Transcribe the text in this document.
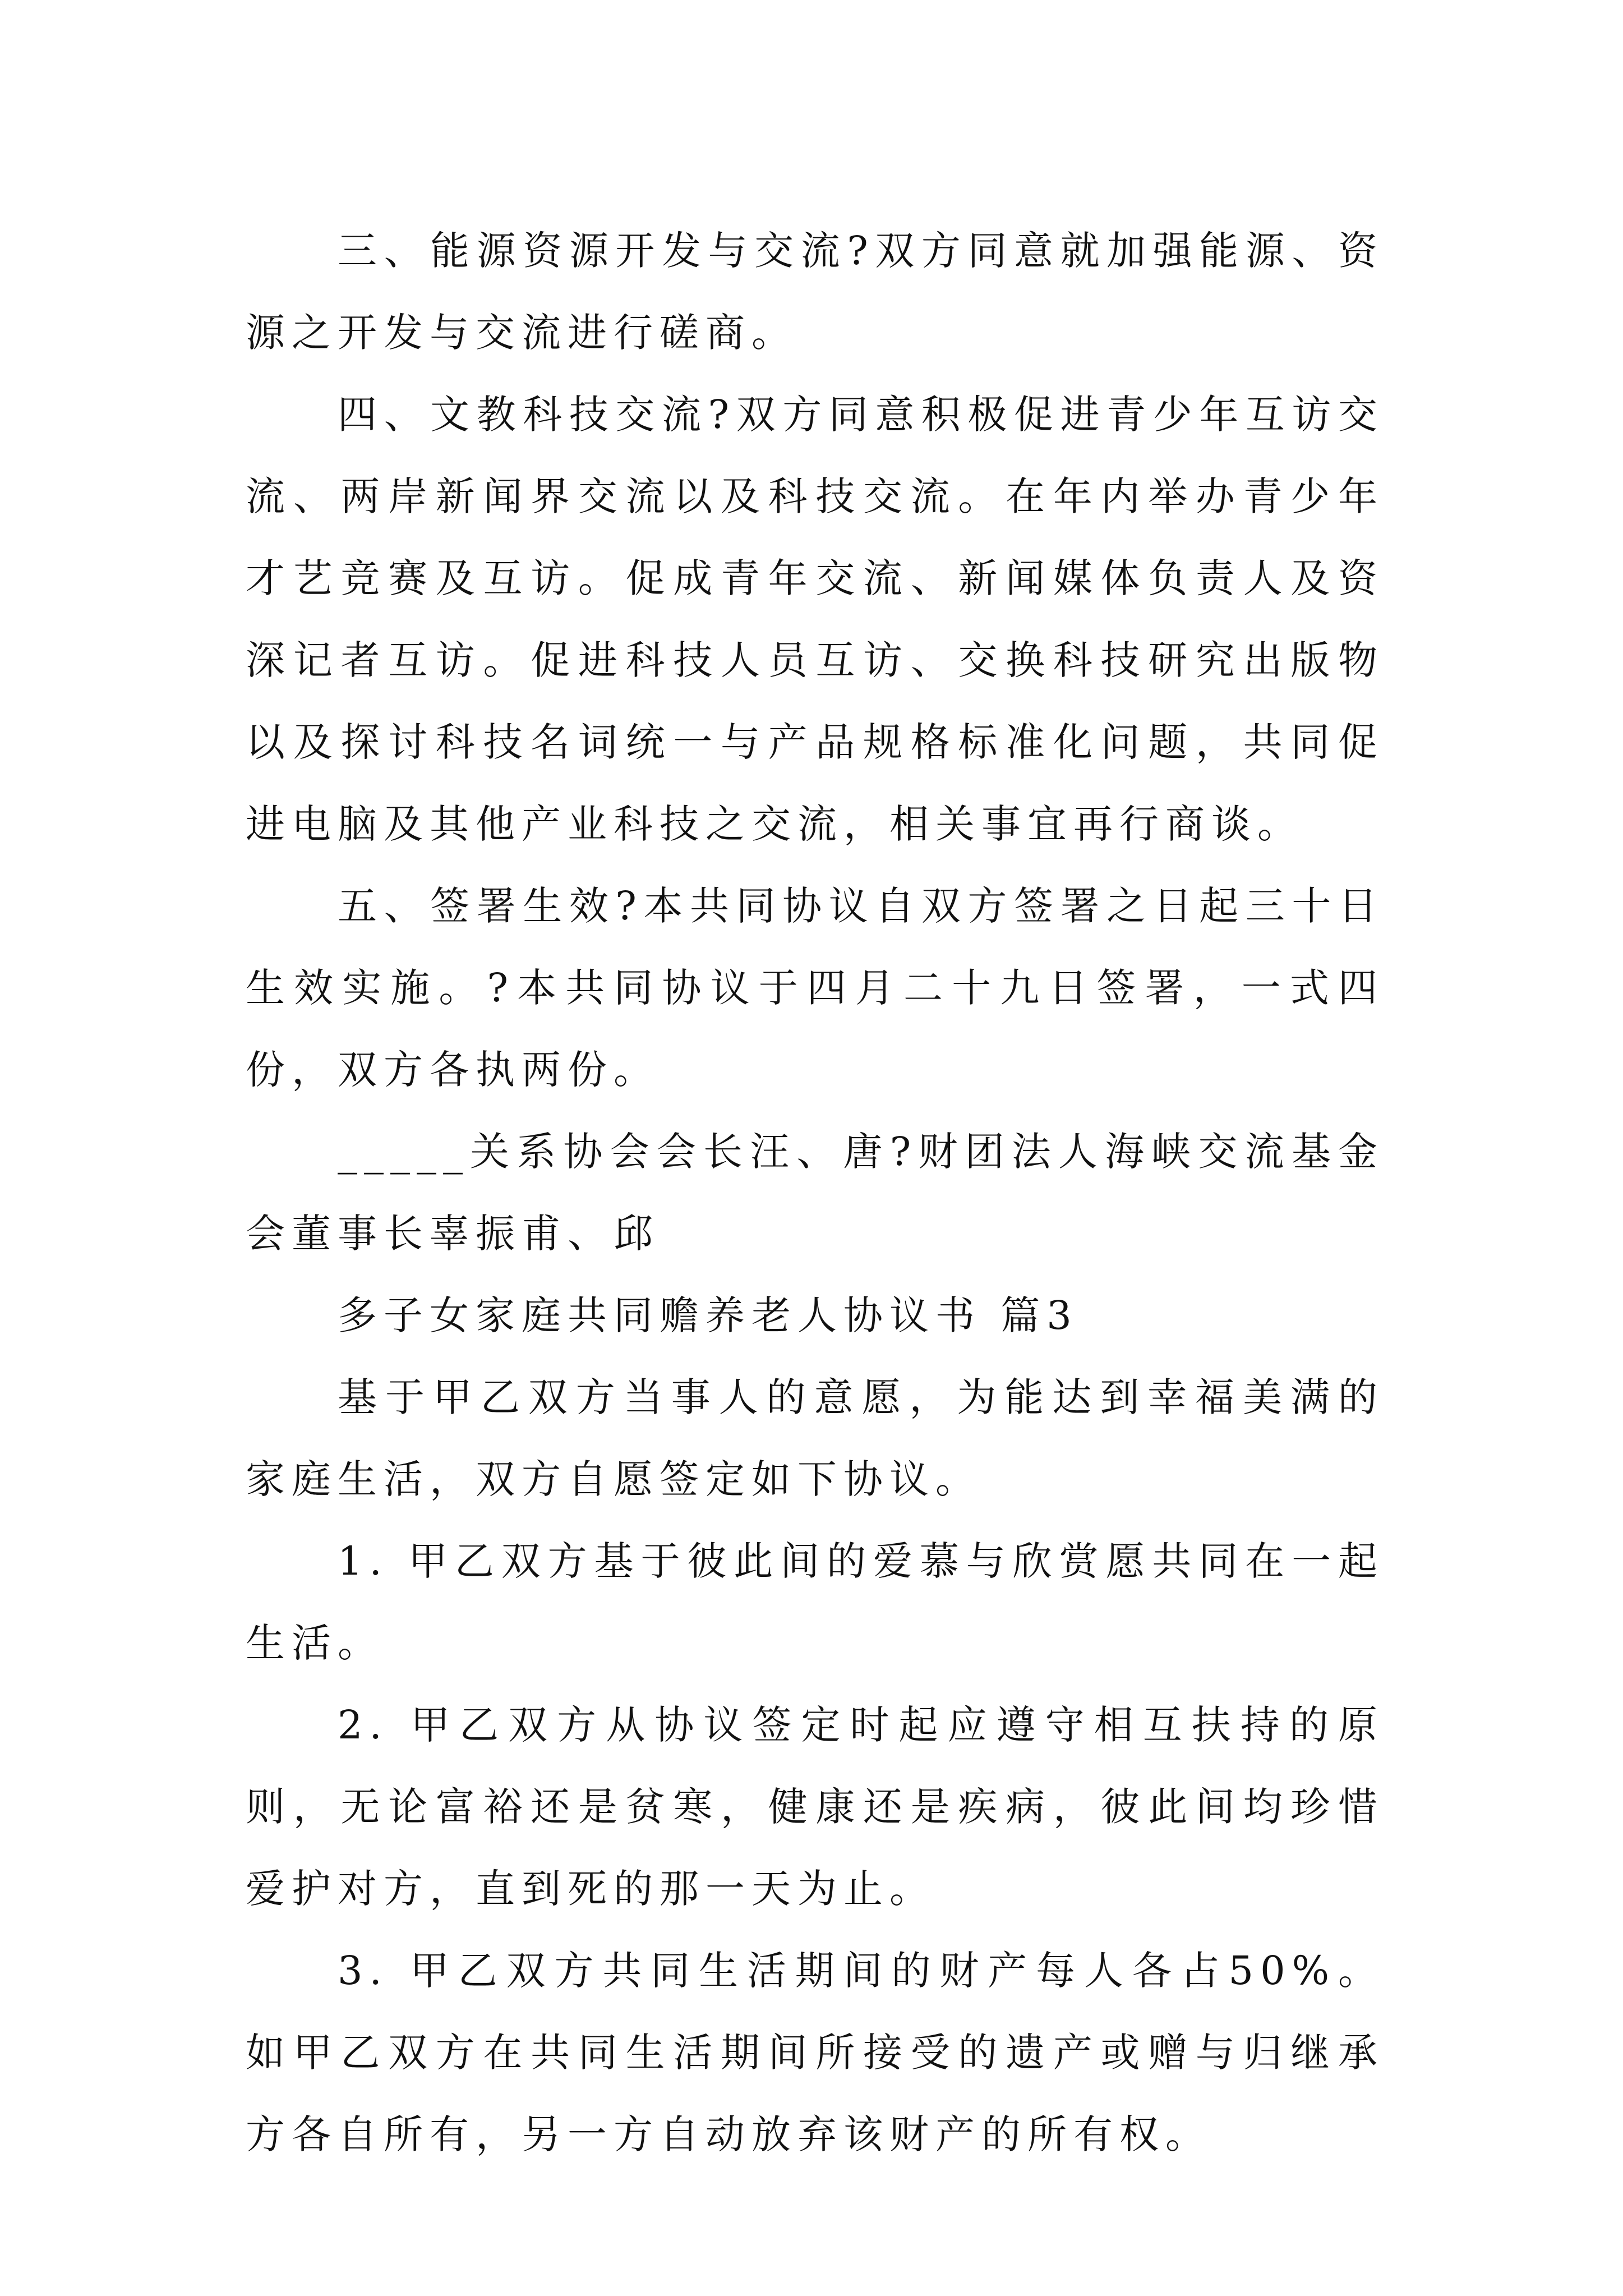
三、能源资源开发与交流?双方同意就加强能源、资源之开发与交流进行磋商。

四、文教科技交流?双方同意积极促进青少年互访交流、两岸新闻界交流以及科技交流。在年内举办青少年才艺竞赛及互访。促成青年交流、新闻媒体负责人及资深记者互访。促进科技人员互访、交换科技研究出版物以及探讨科技名词统一与产品规格标准化问题，共同促进电脑及其他产业科技之交流，相关事宜再行商谈。

五、签署生效?本共同协议自双方签署之日起三十日生效实施。?本共同协议于四月二十九日签署，一式四份，双方各执两份。

_____关系协会会长汪、唐?财团法人海峡交流基金会董事长辜振甫、邱

多子女家庭共同赡养老人协议书 篇3

基于甲乙双方当事人的意愿，为能达到幸福美满的家庭生活，双方自愿签定如下协议。

1. 甲乙双方基于彼此间的爱慕与欣赏愿共同在一起生活。

2. 甲乙双方从协议签定时起应遵守相互扶持的原则，无论富裕还是贫寒，健康还是疾病，彼此间均珍惜爱护对方，直到死的那一天为止。

3. 甲乙双方共同生活期间的财产每人各占50%。如甲乙双方在共同生活期间所接受的遗产或赠与归继承方各自所有，另一方自动放弃该财产的所有权。
